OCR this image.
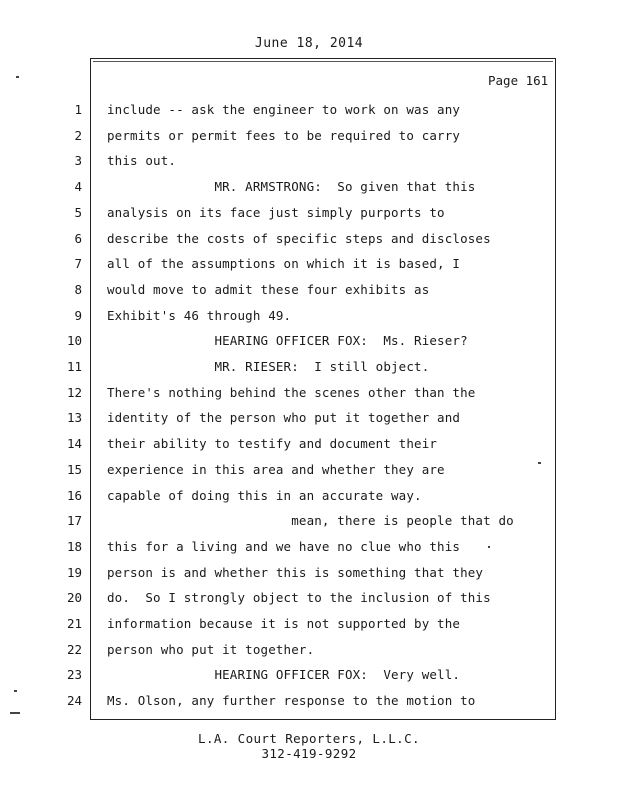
June 18, 2014
Page 161
1 include -- ask the engineer to work on was any
2 permits or permit fees to be required to carry
3 this out.
4 MR. ARMSTRONG:  So given that this
5 analysis on its face just simply purports to
6 describe the costs of specific steps and discloses
7 all of the assumptions on which it is based, I
8 would move to admit these four exhibits as
9 Exhibit's 46 through 49.
10 HEARING OFFICER FOX:  Ms. Rieser?
11 MR. RIESER:  I still object.
12 There's nothing behind the scenes other than the
13 identity of the person who put it together and
14 their ability to testify and document their
15 experience in this area and whether they are
16 capable of doing this in an accurate way.
17 mean, there is people that do
18 this for a living and we have no clue who this
19 person is and whether this is something that they
20 do.  So I strongly object to the inclusion of this
21 information because it is not supported by the
22 person who put it together.
23 HEARING OFFICER FOX:  Very well.
24 Ms. Olson, any further response to the motion to
L.A. Court Reporters, L.L.C.
312-419-9292
